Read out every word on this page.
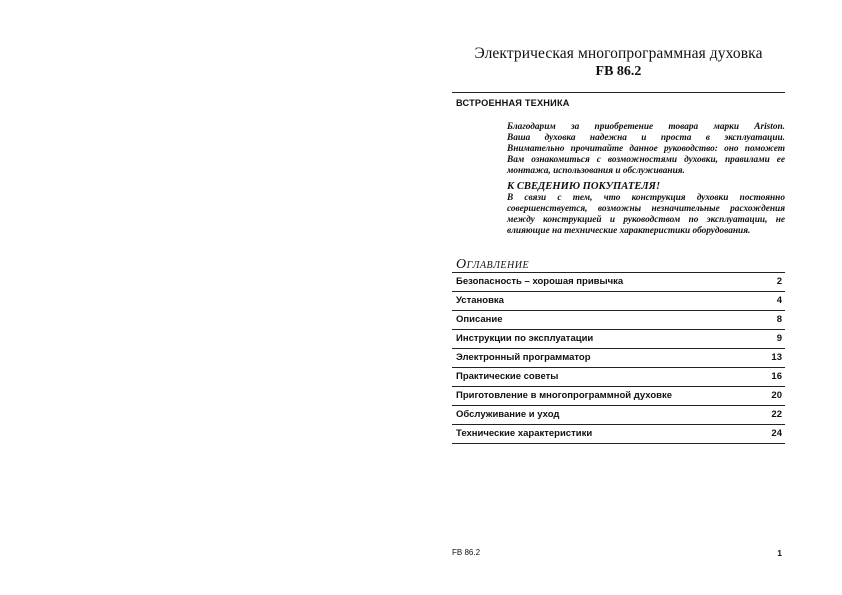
Электрическая многопрограммная духовка
FB 86.2
ВСТРОЕННАЯ ТЕХНИКА
Благодарим за приобретение товара марки Ariston.
Ваша духовка надежна и проста в эксплуатации.
Внимательно прочитайте данное руководство: оно поможет
Вам ознакомиться с возможностями духовки, правилами ее
монтажа, использования и обслуживания.
К СВЕДЕНИЮ ПОКУПАТЕЛЯ!
В связи с тем, что конструкция духовки постоянно
совершенствуется, возможны незначительные расхождения
между конструкцией и руководством по эксплуатации, не
влияющие на технические характеристики оборудования.
Оглавление
Безопасность – хорошая привычка	2
Установка	4
Описание	8
Инструкции по эксплуатации	9
Электронный программатор	13
Практические советы	16
Приготовление в многопрограммной духовке	20
Обслуживание и уход	22
Технические характеристики	24
FB 86.2	1
